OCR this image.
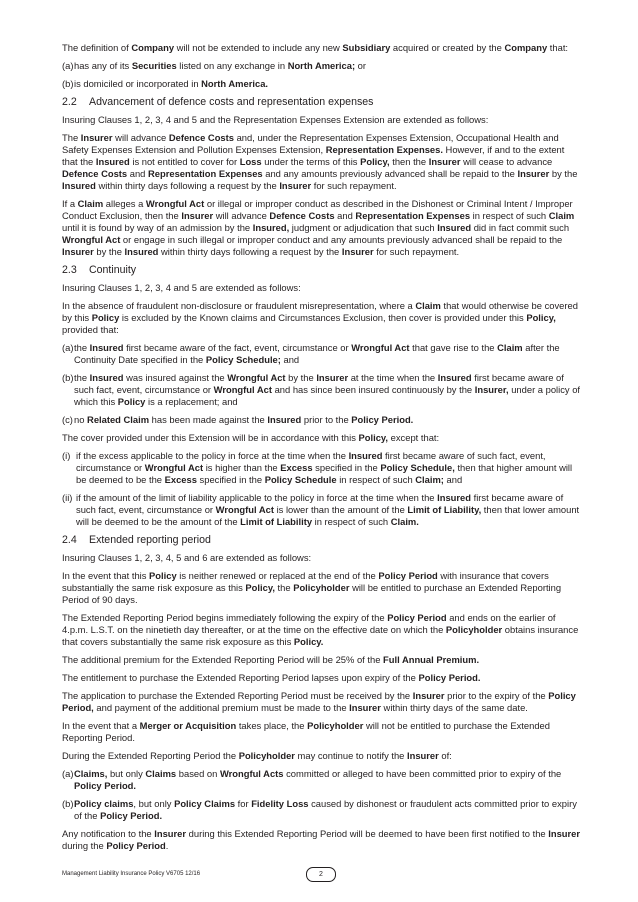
The definition of Company will not be extended to include any new Subsidiary acquired or created by the Company that:
(a) has any of its Securities listed on any exchange in North America; or
(b) is domiciled or incorporated in North America.
2.2 Advancement of defence costs and representation expenses
Insuring Clauses 1, 2, 3, 4 and 5 and the Representation Expenses Extension are extended as follows:
The Insurer will advance Defence Costs and, under the Representation Expenses Extension, Occupational Health and Safety Expenses Extension and Pollution Expenses Extension, Representation Expenses. However, if and to the extent that the Insured is not entitled to cover for Loss under the terms of this Policy, then the Insurer will cease to advance Defence Costs and Representation Expenses and any amounts previously advanced shall be repaid to the Insurer by the Insured within thirty days following a request by the Insurer for such repayment.
If a Claim alleges a Wrongful Act or illegal or improper conduct as described in the Dishonest or Criminal Intent / Improper Conduct Exclusion, then the Insurer will advance Defence Costs and Representation Expenses in respect of such Claim until it is found by way of an admission by the Insured, judgment or adjudication that such Insured did in fact commit such Wrongful Act or engage in such illegal or improper conduct and any amounts previously advanced shall be repaid to the Insurer by the Insured within thirty days following a request by the Insurer for such repayment.
2.3 Continuity
Insuring Clauses 1, 2, 3, 4 and 5 are extended as follows:
In the absence of fraudulent non-disclosure or fraudulent misrepresentation, where a Claim that would otherwise be covered by this Policy is excluded by the Known claims and Circumstances Exclusion, then cover is provided under this Policy, provided that:
(a) the Insured first became aware of the fact, event, circumstance or Wrongful Act that gave rise to the Claim after the Continuity Date specified in the Policy Schedule; and
(b) the Insured was insured against the Wrongful Act by the Insurer at the time when the Insured first became aware of such fact, event, circumstance or Wrongful Act and has since been insured continuously by the Insurer, under a policy of which this Policy is a replacement; and
(c) no Related Claim has been made against the Insured prior to the Policy Period.
The cover provided under this Extension will be in accordance with this Policy, except that:
(i) if the excess applicable to the policy in force at the time when the Insured first became aware of such fact, event, circumstance or Wrongful Act is higher than the Excess specified in the Policy Schedule, then that higher amount will be deemed to be the Excess specified in the Policy Schedule in respect of such Claim; and
(ii) if the amount of the limit of liability applicable to the policy in force at the time when the Insured first became aware of such fact, event, circumstance or Wrongful Act is lower than the amount of the Limit of Liability, then that lower amount will be deemed to be the amount of the Limit of Liability in respect of such Claim.
2.4 Extended reporting period
Insuring Clauses 1, 2, 3, 4, 5 and 6 are extended as follows:
In the event that this Policy is neither renewed or replaced at the end of the Policy Period with insurance that covers substantially the same risk exposure as this Policy, the Policyholder will be entitled to purchase an Extended Reporting Period of 90 days.
The Extended Reporting Period begins immediately following the expiry of the Policy Period and ends on the earlier of 4.p.m. L.S.T. on the ninetieth day thereafter, or at the time on the effective date on which the Policyholder obtains insurance that covers substantially the same risk exposure as this Policy.
The additional premium for the Extended Reporting Period will be 25% of the Full Annual Premium.
The entitlement to purchase the Extended Reporting Period lapses upon expiry of the Policy Period.
The application to purchase the Extended Reporting Period must be received by the Insurer prior to the expiry of the Policy Period, and payment of the additional premium must be made to the Insurer within thirty days of the same date.
In the event that a Merger or Acquisition takes place, the Policyholder will not be entitled to purchase the Extended Reporting Period.
During the Extended Reporting Period the Policyholder may continue to notify the Insurer of:
(a) Claims, but only Claims based on Wrongful Acts committed or alleged to have been committed prior to expiry of the Policy Period.
(b) Policy claims, but only Policy Claims for Fidelity Loss caused by dishonest or fraudulent acts committed prior to expiry of the Policy Period.
Any notification to the Insurer during this Extended Reporting Period will be deemed to have been first notified to the Insurer during the Policy Period.
Management Liability Insurance Policy V6705 12/16	2
